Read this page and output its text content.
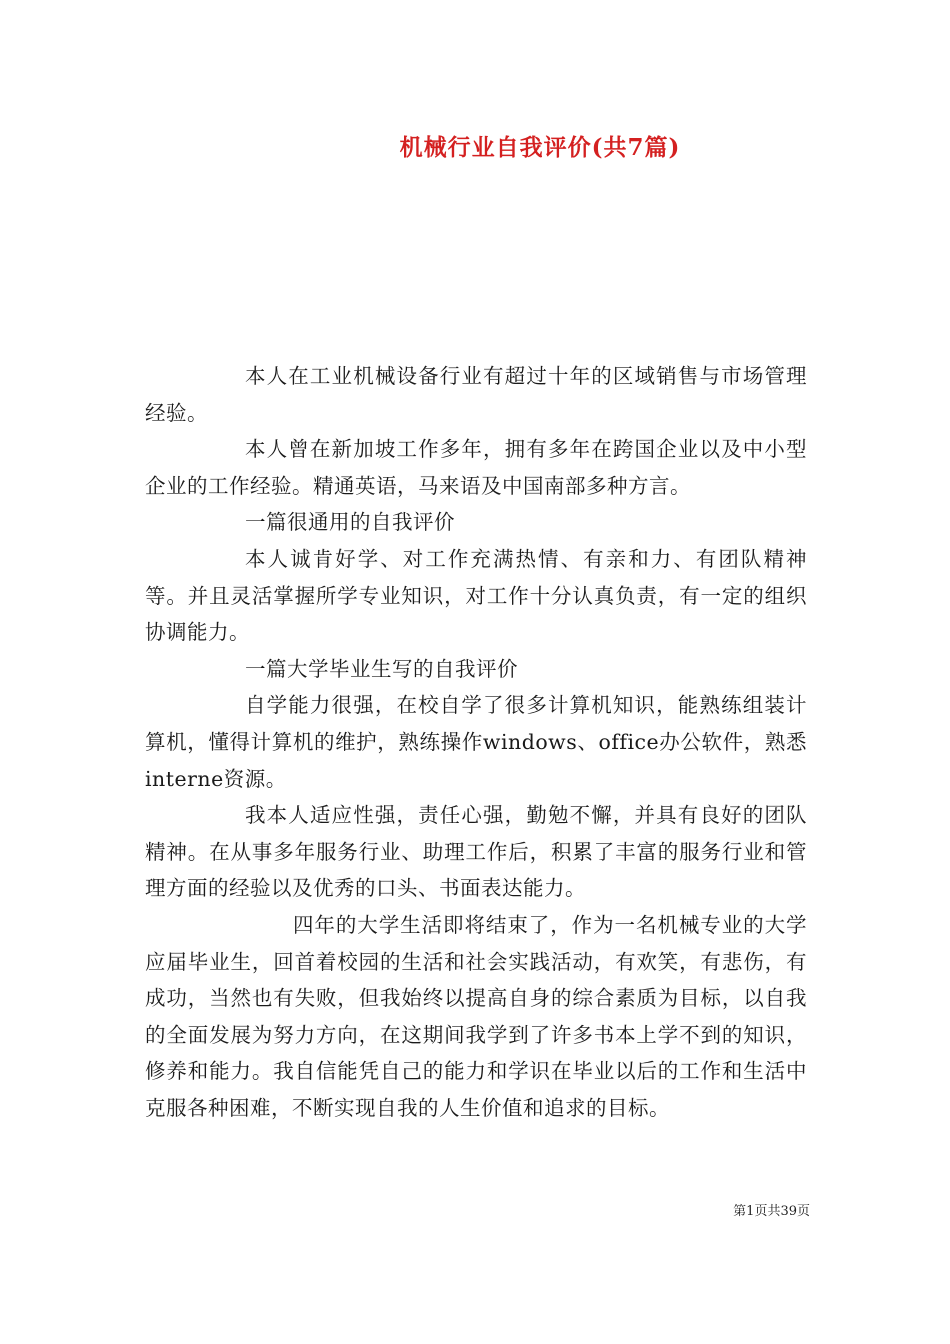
机械行业自我评价(共7篇)

本人在工业机械设备行业有超过十年的区域销售与市场管理经验。

本人曾在新加坡工作多年，拥有多年在跨国企业以及中小型企业的工作经验。精通英语，马来语及中国南部多种方言。

一篇很通用的自我评价

本人诚肯好学、对工作充满热情、有亲和力、有团队精神等。并且灵活掌握所学专业知识，对工作十分认真负责，有一定的组织协调能力。

一篇大学毕业生写的自我评价

自学能力很强，在校自学了很多计算机知识，能熟练组装计算机，懂得计算机的维护，熟练操作windows、office办公软件，熟悉interne资源。

我本人适应性强，责任心强，勤勉不懈，并具有良好的团队精神。在从事多年服务行业、助理工作后，积累了丰富的服务行业和管理方面的经验以及优秀的口头、书面表达能力。

四年的大学生活即将结束了，作为一名机械专业的大学应届毕业生，回首着校园的生活和社会实践活动，有欢笑，有悲伤，有成功，当然也有失败，但我始终以提高自身的综合素质为目标，以自我的全面发展为努力方向，在这期间我学到了许多书本上学不到的知识，修养和能力。我自信能凭自己的能力和学识在毕业以后的工作和生活中克服各种困难，不断实现自我的人生价值和追求的目标。

第1页共39页
